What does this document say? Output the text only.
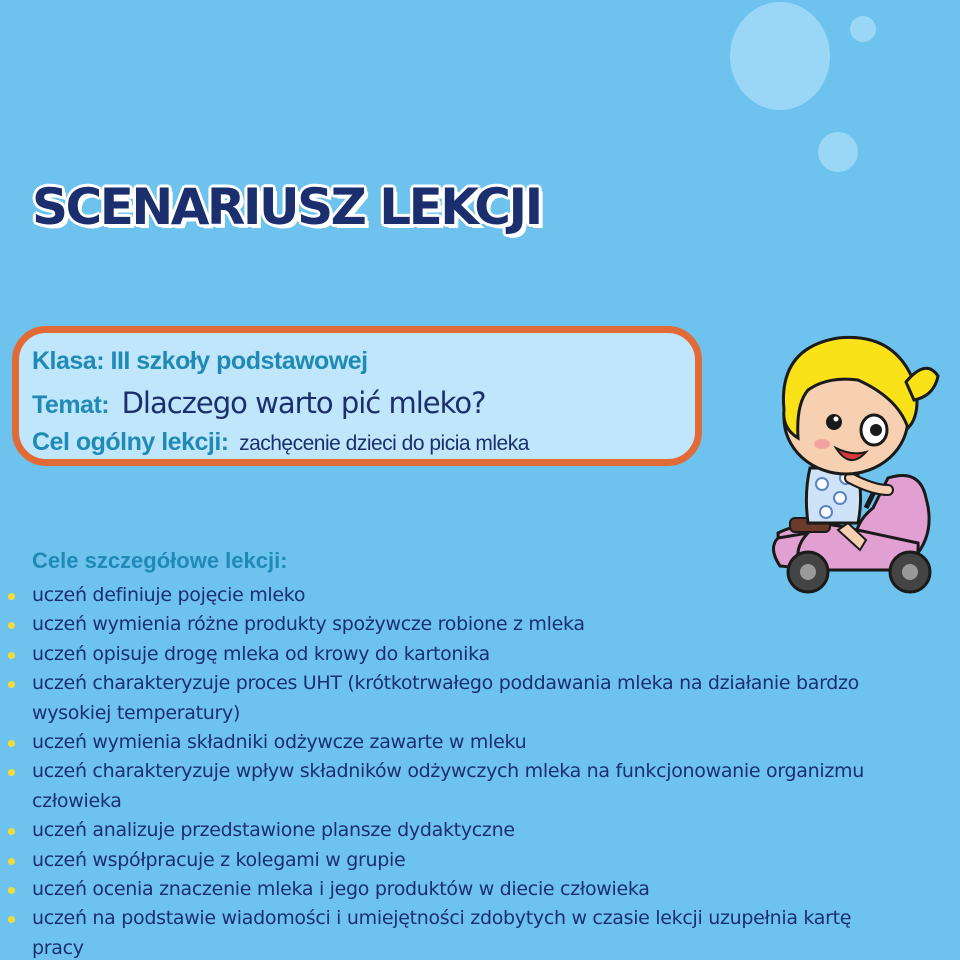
SCENARIUSZ LEKCJI
Klasa: III szkoły podstawowej
Temat: Dlaczego warto pić mleko?
Cel ogólny lekcji: zachęcenie dzieci do picia mleka
Cele szczegółowe lekcji:
uczeń definiuje pojęcie mleko
uczeń wymienia różne produkty spożywcze robione z mleka
uczeń opisuje drogę mleka od krowy do kartonika
uczeń charakteryzuje proces UHT (krótkotrwałego poddawania mleka na działanie bardzo wysokiej temperatury)
uczeń wymienia składniki odżywcze zawarte w mleku
uczeń charakteryzuje wpływ składników odżywczych mleka na funkcjonowanie organizmu człowieka
uczeń analizuje przedstawione plansze dydaktyczne
uczeń współpracuje z kolegami w grupie
uczeń ocenia znaczenie mleka i jego produktów w diecie człowieka
uczeń na podstawie wiadomości i umiejętności zdobytych w czasie lekcji uzupełnia kartę pracy
